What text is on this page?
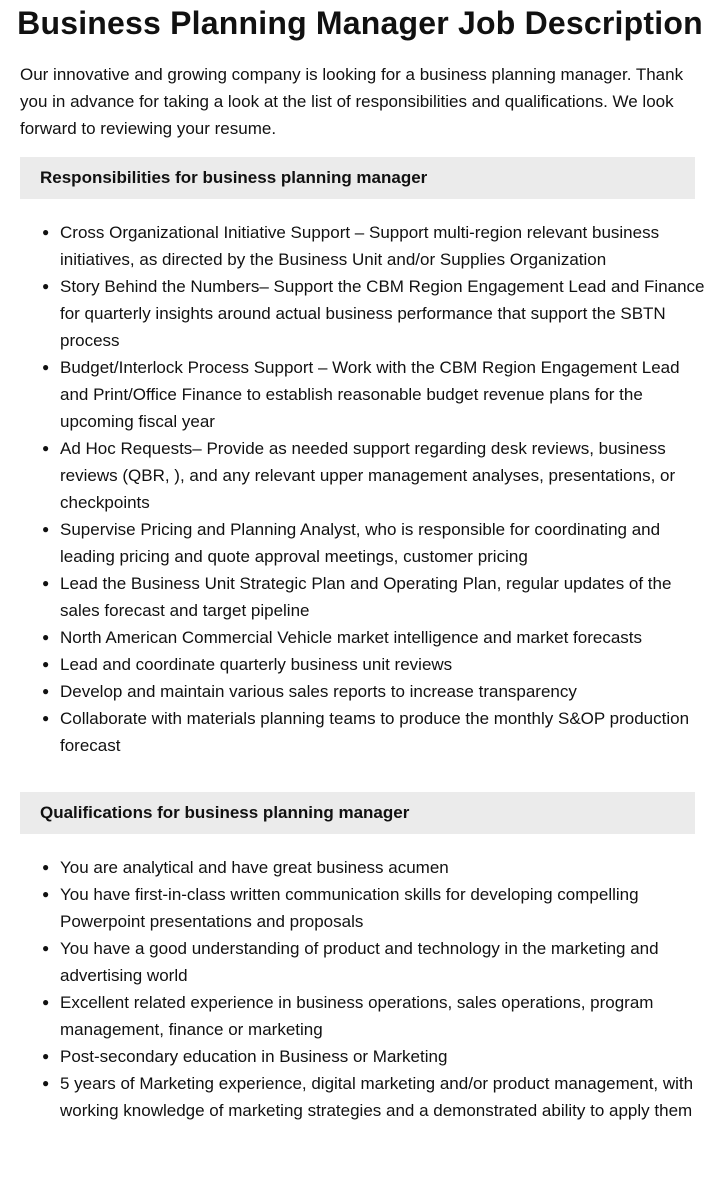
Business Planning Manager Job Description

Our innovative and growing company is looking for a business planning manager. Thank you in advance for taking a look at the list of responsibilities and qualifications. We look forward to reviewing your resume.

Responsibilities for business planning manager
● Cross Organizational Initiative Support – Support multi-region relevant business initiatives, as directed by the Business Unit and/or Supplies Organization
● Story Behind the Numbers– Support the CBM Region Engagement Lead and Finance for quarterly insights around actual business performance that support the SBTN process
● Budget/Interlock Process Support – Work with the CBM Region Engagement Lead and Print/Office Finance to establish reasonable budget revenue plans for the upcoming fiscal year
● Ad Hoc Requests– Provide as needed support regarding desk reviews, business reviews (QBR, ), and any relevant upper management analyses, presentations, or checkpoints
● Supervise Pricing and Planning Analyst, who is responsible for coordinating and leading pricing and quote approval meetings, customer pricing
● Lead the Business Unit Strategic Plan and Operating Plan, regular updates of the sales forecast and target pipeline
● North American Commercial Vehicle market intelligence and market forecasts
● Lead and coordinate quarterly business unit reviews
● Develop and maintain various sales reports to increase transparency
● Collaborate with materials planning teams to produce the monthly S&OP production forecast
Qualifications for business planning manager
● You are analytical and have great business acumen
● You have first-in-class written communication skills for developing compelling Powerpoint presentations and proposals
● You have a good understanding of product and technology in the marketing and advertising world
● Excellent related experience in business operations, sales operations, program management, finance or marketing
● Post-secondary education in Business or Marketing
● 5 years of Marketing experience, digital marketing and/or product management, with working knowledge of marketing strategies and a demonstrated ability to apply them
